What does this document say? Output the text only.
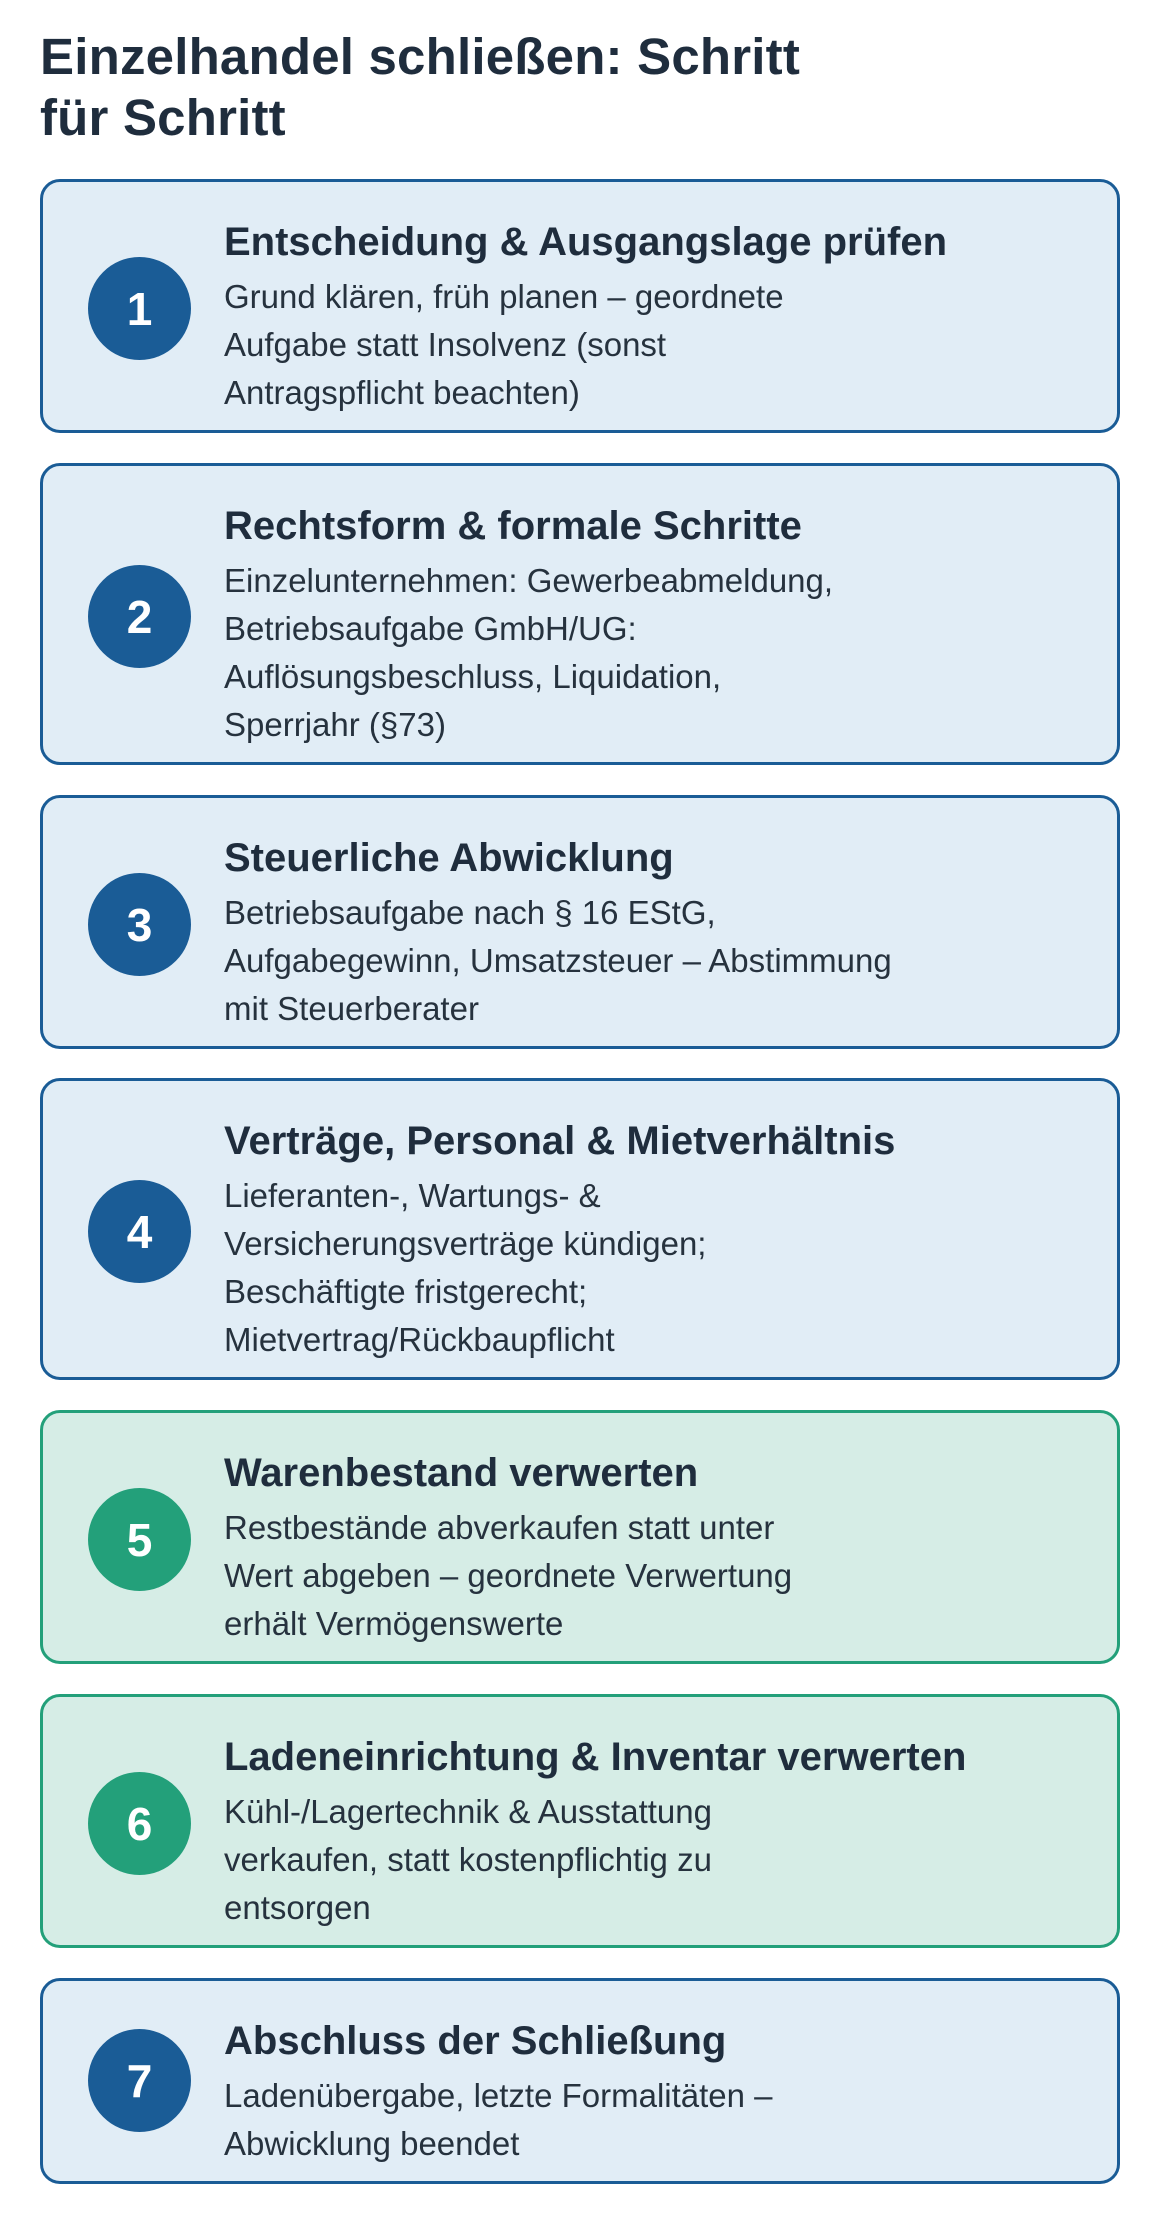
Einzelhandel schließen: Schritt
für Schritt
1
Entscheidung & Ausgangslage prüfen

Grund klären, früh planen – geordnete
Aufgabe statt Insolvenz (sonst
Antragspflicht beachten)

2
Rechtsform & formale Schritte

Einzelunternehmen: Gewerbeabmeldung,
Betriebsaufgabe GmbH/UG:
Auflösungsbeschluss, Liquidation,
Sperrjahr (§73)

3
Steuerliche Abwicklung

Betriebsaufgabe nach § 16 EStG,
Aufgabegewinn, Umsatzsteuer – Abstimmung
mit Steuerberater

4
Verträge, Personal & Mietverhältnis

Lieferanten-, Wartungs- &
Versicherungsverträge kündigen;
Beschäftigte fristgerecht;
Mietvertrag/Rückbaupflicht

5
Warenbestand verwerten

Restbestände abverkaufen statt unter
Wert abgeben – geordnete Verwertung
erhält Vermögenswerte

6
Ladeneinrichtung & Inventar verwerten

Kühl-/Lagertechnik & Ausstattung
verkaufen, statt kostenpflichtig zu
entsorgen

7
Abschluss der Schließung

Ladenübergabe, letzte Formalitäten –
Abwicklung beendet
